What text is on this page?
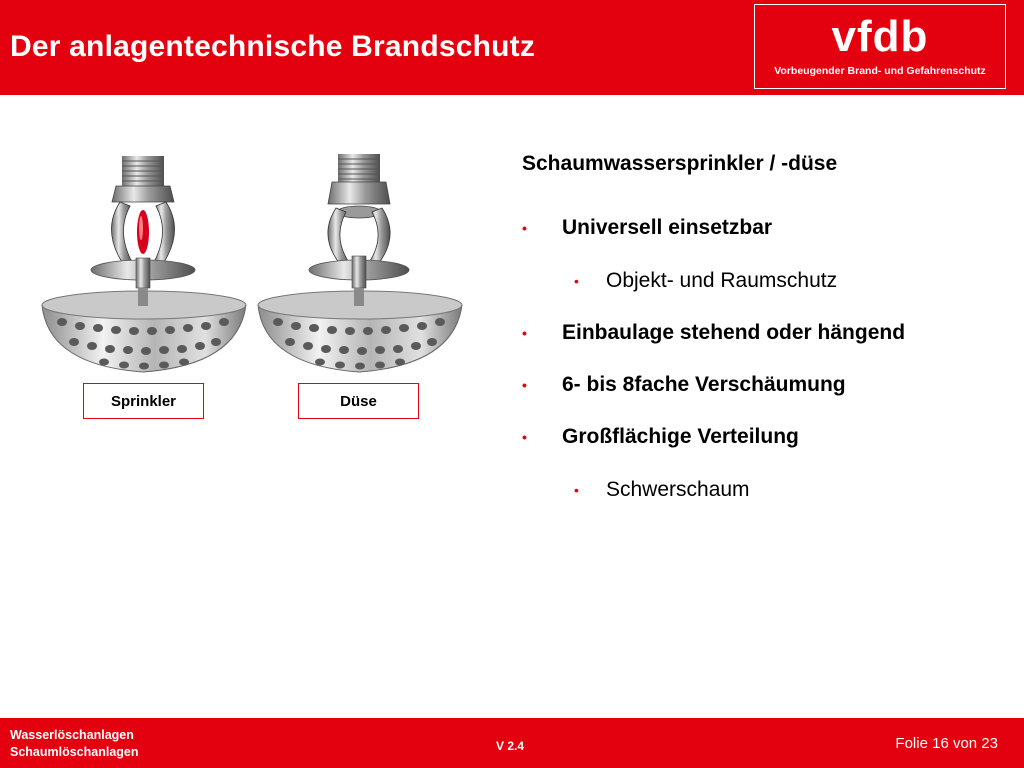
Der anlagentechnische Brandschutz	vfdb
Vorbeugender Brand- und Gefahrenschutz
Sprinkler	Düse
Schaumwassersprinkler / -düse
• Universell einsetzbar
• Objekt- und Raumschutz
• Einbaulage stehend oder hängend
• 6- bis 8fache Verschäumung
• Großflächige Verteilung
• Schwerschaum
Wasserlöschanlagen
Schaumlöschanlagen	V 2.4	Folie 16 von 23
